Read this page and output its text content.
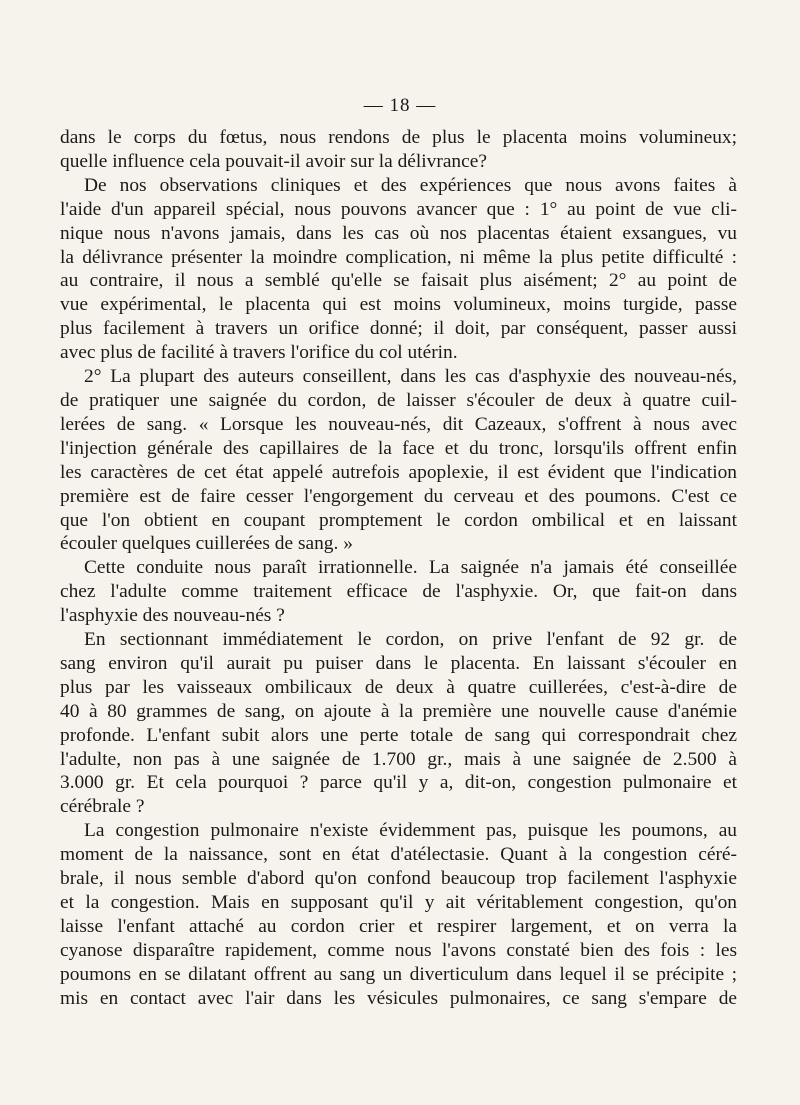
— 18 —
dans le corps du fœtus, nous rendons de plus le placenta moins volumineux;
quelle influence cela pouvait-il avoir sur la délivrance?
De nos observations cliniques et des expériences que nous avons faites à
l'aide d'un appareil spécial, nous pouvons avancer que : 1° au point de vue cli-
nique nous n'avons jamais, dans les cas où nos placentas étaient exsangues, vu
la délivrance présenter la moindre complication, ni même la plus petite difficulté :
au contraire, il nous a semblé qu'elle se faisait plus aisément; 2° au point de
vue expérimental, le placenta qui est moins volumineux, moins turgide, passe
plus facilement à travers un orifice donné; il doit, par conséquent, passer aussi
avec plus de facilité à travers l'orifice du col utérin.
2° La plupart des auteurs conseillent, dans les cas d'asphyxie des nouveau-nés,
de pratiquer une saignée du cordon, de laisser s'écouler de deux à quatre cuil-
lerées de sang. « Lorsque les nouveau-nés, dit Cazeaux, s'offrent à nous avec
l'injection générale des capillaires de la face et du tronc, lorsqu'ils offrent enfin
les caractères de cet état appelé autrefois apoplexie, il est évident que l'indication
première est de faire cesser l'engorgement du cerveau et des poumons. C'est ce
que l'on obtient en coupant promptement le cordon ombilical et en laissant
écouler quelques cuillerées de sang. »
Cette conduite nous paraît irrationnelle. La saignée n'a jamais été conseillée
chez l'adulte comme traitement efficace de l'asphyxie. Or, que fait-on dans
l'asphyxie des nouveau-nés ?
En sectionnant immédiatement le cordon, on prive l'enfant de 92 gr. de
sang environ qu'il aurait pu puiser dans le placenta. En laissant s'écouler en
plus par les vaisseaux ombilicaux de deux à quatre cuillerées, c'est-à-dire de
40 à 80 grammes de sang, on ajoute à la première une nouvelle cause d'anémie
profonde. L'enfant subit alors une perte totale de sang qui correspondrait chez
l'adulte, non pas à une saignée de 1.700 gr., mais à une saignée de 2.500 à
3.000 gr. Et cela pourquoi ? parce qu'il y a, dit-on, congestion pulmonaire et
cérébrale ?
La congestion pulmonaire n'existe évidemment pas, puisque les poumons, au
moment de la naissance, sont en état d'atélectasie. Quant à la congestion céré-
brale, il nous semble d'abord qu'on confond beaucoup trop facilement l'asphyxie
et la congestion. Mais en supposant qu'il y ait véritablement congestion, qu'on
laisse l'enfant attaché au cordon crier et respirer largement, et on verra la
cyanose disparaître rapidement, comme nous l'avons constaté bien des fois : les
poumons en se dilatant offrent au sang un diverticulum dans lequel il se précipite ;
mis en contact avec l'air dans les vésicules pulmonaires, ce sang s'empare de
